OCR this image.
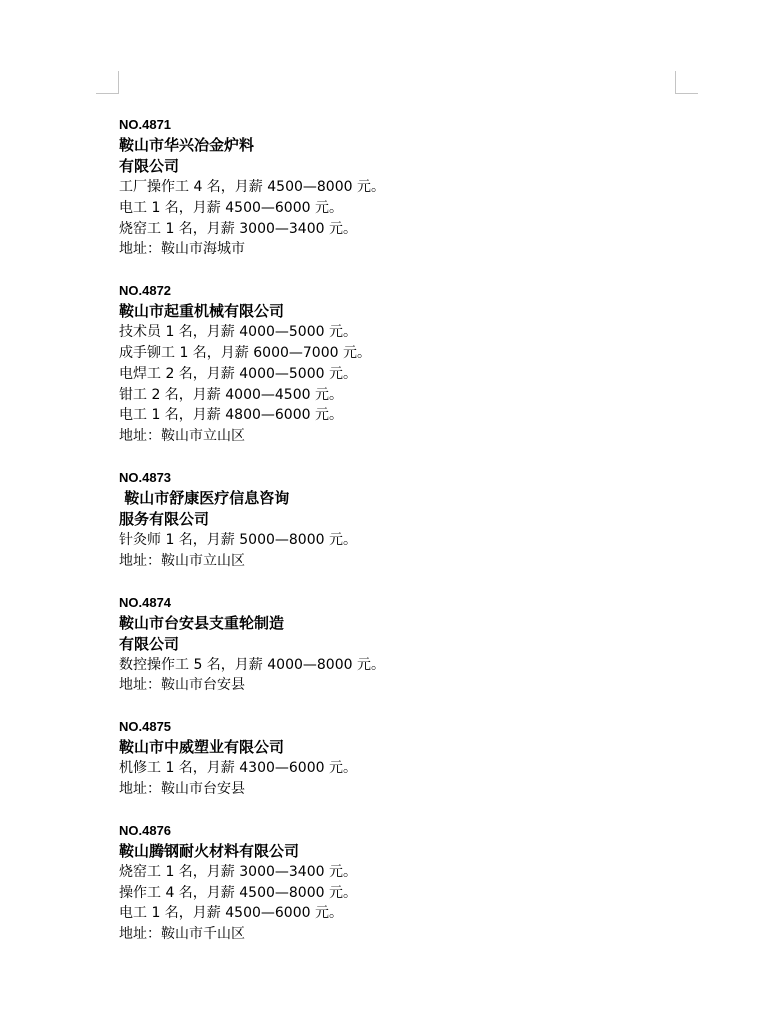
NO.4871
鞍山市华兴冶金炉料
有限公司
工厂操作工 4 名，月薪 4500—8000 元。
电工 1 名，月薪 4500—6000 元。
烧窑工 1 名，月薪 3000—3400 元。
地址：鞍山市海城市
NO.4872
鞍山市起重机械有限公司
技术员 1 名，月薪 4000—5000 元。
成手铆工 1 名，月薪 6000—7000 元。
电焊工 2 名，月薪 4000—5000 元。
钳工 2 名，月薪 4000—4500 元。
电工 1 名，月薪 4800—6000 元。
地址：鞍山市立山区
NO.4873
鞍山市舒康医疗信息咨询
服务有限公司
针灸师 1 名，月薪 5000—8000 元。
地址：鞍山市立山区
NO.4874
鞍山市台安县支重轮制造
有限公司
数控操作工 5 名，月薪 4000—8000 元。
地址：鞍山市台安县
NO.4875
鞍山市中威塑业有限公司
机修工 1 名，月薪 4300—6000 元。
地址：鞍山市台安县
NO.4876
鞍山腾钢耐火材料有限公司
烧窑工 1 名，月薪 3000—3400 元。
操作工 4 名，月薪 4500—8000 元。
电工 1 名，月薪 4500—6000 元。
地址：鞍山市千山区
